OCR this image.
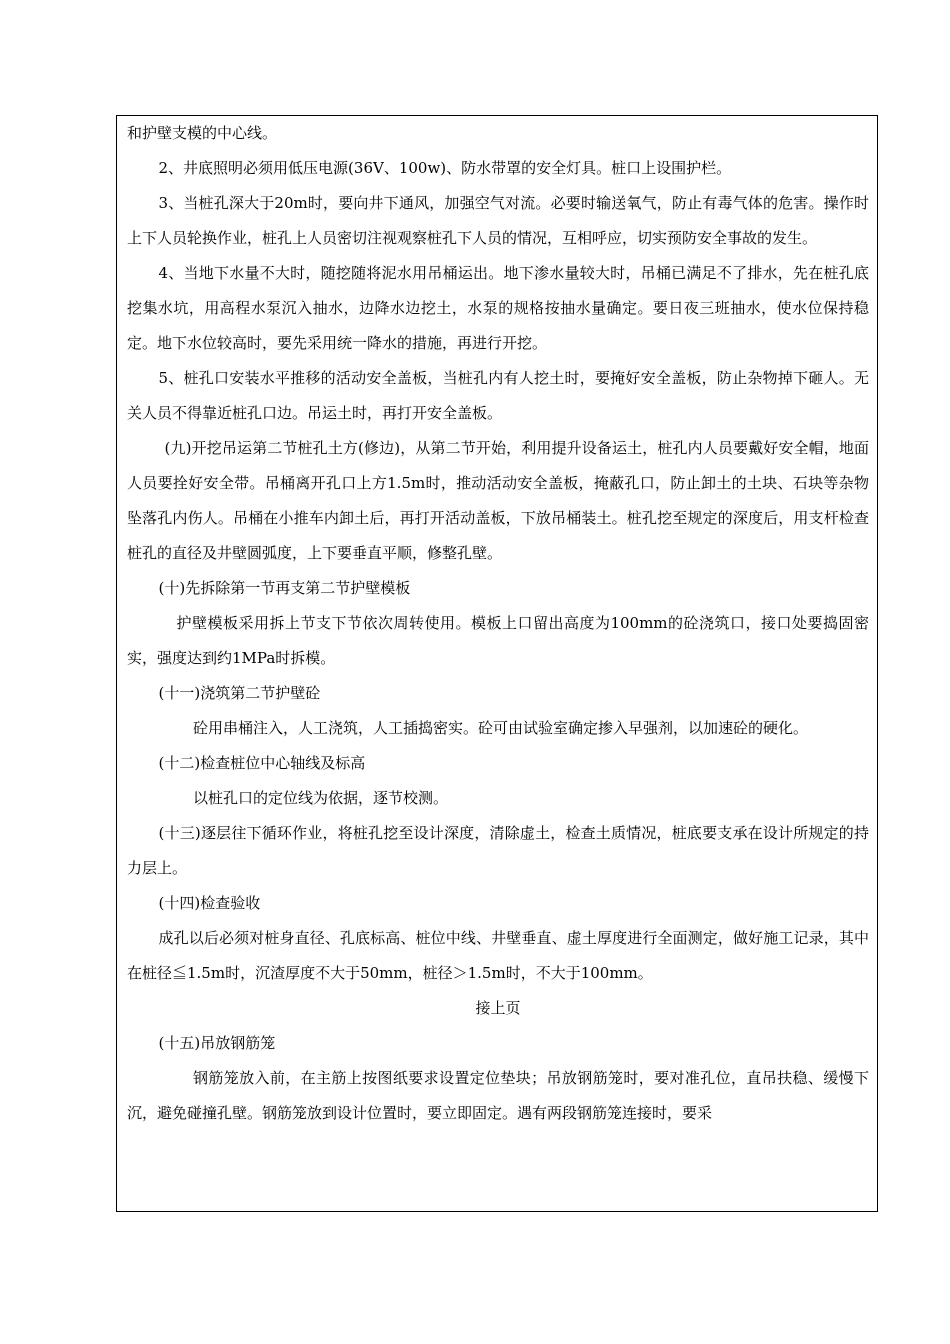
和护壁支模的中心线。

2、井底照明必须用低压电源(36V、100w)、防水带罩的安全灯具。桩口上设围护栏。

3、当桩孔深大于20m时，要向井下通风，加强空气对流。必要时输送氧气，防止有毒气体的危害。操作时上下人员轮换作业，桩孔上人员密切注视观察桩孔下人员的情况，互相呼应，切实预防安全事故的发生。

4、当地下水量不大时，随挖随将泥水用吊桶运出。地下渗水量较大时，吊桶已满足不了排水，先在桩孔底挖集水坑，用高程水泵沉入抽水，边降水边挖土，水泵的规格按抽水量确定。要日夜三班抽水，使水位保持稳定。地下水位较高时，要先采用统一降水的措施，再进行开挖。

5、桩孔口安装水平推移的活动安全盖板，当桩孔内有人挖土时，要掩好安全盖板，防止杂物掉下砸人。无关人员不得靠近桩孔口边。吊运土时，再打开安全盖板。

(九)开挖吊运第二节桩孔土方(修边)，从第二节开始，利用提升设备运土，桩孔内人员要戴好安全帽，地面人员要拴好安全带。吊桶离开孔口上方1.5m时，推动活动安全盖板，掩蔽孔口，防止卸土的土块、石块等杂物坠落孔内伤人。吊桶在小推车内卸土后，再打开活动盖板，下放吊桶装土。桩孔挖至规定的深度后，用支杆检查桩孔的直径及井壁圆弧度，上下要垂直平顺，修整孔壁。

(十)先拆除第一节再支第二节护壁模板

护壁模板采用拆上节支下节依次周转使用。模板上口留出高度为100mm的砼浇筑口，接口处要捣固密实，强度达到约1MPa时拆模。

(十一)浇筑第二节护壁砼

砼用串桶注入，人工浇筑，人工插捣密实。砼可由试验室确定掺入早强剂，以加速砼的硬化。

(十二)检查桩位中心轴线及标高

以桩孔口的定位线为依据，逐节校测。

(十三)逐层往下循环作业，将桩孔挖至设计深度，清除虚土，检查土质情况，桩底要支承在设计所规定的持力层上。

(十四)检查验收

成孔以后必须对桩身直径、孔底标高、桩位中线、井壁垂直、虚土厚度进行全面测定，做好施工记录，其中在桩径≦1.5m时，沉渣厚度不大于50mm，桩径＞1.5m时，不大于100mm。

接上页

(十五)吊放钢筋笼

钢筋笼放入前，在主筋上按图纸要求设置定位垫块；吊放钢筋笼时，要对准孔位，直吊扶稳、缓慢下沉，避免碰撞孔壁。钢筋笼放到设计位置时，要立即固定。遇有两段钢筋笼连接时，要采
